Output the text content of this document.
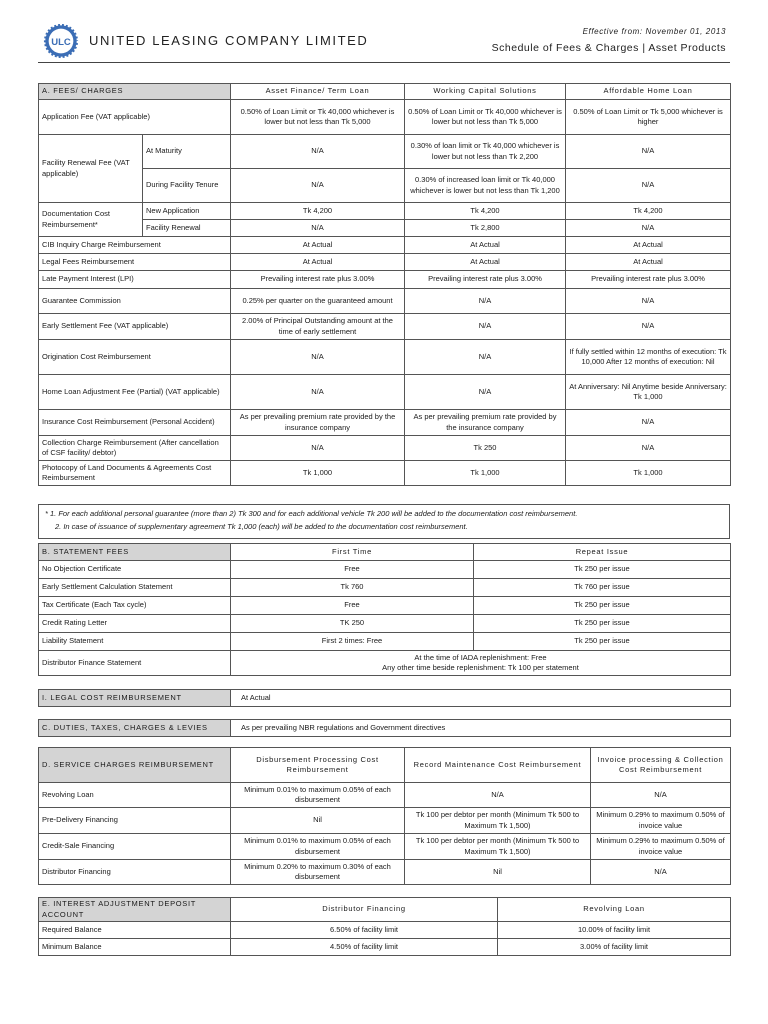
ULC UNITED LEASING COMPANY LIMITED
Effective from: November 01, 2013
Schedule of Fees & Charges | Asset Products
A. FEES/ CHARGES		Asset Finance/ Term Loan	Working Capital Solutions	Affordable Home Loan
Application Fee (VAT applicable)		0.50% of Loan Limit or Tk 40,000 whichever is lower but not less than Tk 5,000	0.50% of Loan Limit or Tk 40,000 whichever is lower but not less than Tk 5,000	0.50% of Loan Limit or Tk 5,000 whichever is higher
Facility Renewal Fee (VAT applicable)	At Maturity	N/A	0.30% of loan limit or Tk 40,000 whichever is lower but not less than Tk 2,200	N/A
	During Facility Tenure	N/A	0.30% of increased loan limit or Tk 40,000 whichever is lower but not less than Tk 1,200	N/A
Documentation Cost Reimbursement*	New Application	Tk 4,200	Tk 4,200	Tk 4,200
	Facility Renewal	N/A	Tk 2,800	N/A
CIB Inquiry Charge Reimbursement		At Actual	At Actual	At Actual
Legal Fees Reimbursement		At Actual	At Actual	At Actual
Late Payment Interest (LPI)		Prevailing interest rate plus 3.00%	Prevailing interest rate plus 3.00%	Prevailing interest rate plus 3.00%
Guarantee Commission		0.25% per quarter on the guaranteed amount	N/A	N/A
Early Settlement Fee (VAT applicable)		2.00% of Principal Outstanding amount at the time of early settlement	N/A	N/A
Origination Cost Reimbursement		N/A	N/A	If fully settled within 12 months of execution: Tk 10,000 After 12 months of execution: Nil
Home Loan Adjustment Fee (Partial) (VAT applicable)		N/A	N/A	At Anniversary: Nil Anytime beside Anniversary: Tk 1,000
Insurance Cost Reimbursement (Personal Accident)		As per prevailing premium rate provided by the insurance company	As per prevailing premium rate provided by the insurance company	N/A
Collection Charge Reimbursement (After cancellation of CSF facility/ debtor)		N/A	Tk 250	N/A
Photocopy of Land Documents & Agreements Cost Reimbursement		Tk 1,000	Tk 1,000	Tk 1,000
* 1. For each additional personal guarantee (more than 2) Tk 300 and for each additional vehicle Tk 200 will be added to the documentation cost reimbursement.
2. In case of issuance of supplementary agreement Tk 1,000 (each) will be added to the documentation cost reimbursement.
B. STATEMENT FEES	First Time	Repeat Issue
No Objection Certificate	Free	Tk 250 per issue
Early Settlement Calculation Statement	Tk 760	Tk 760 per issue
Tax Certificate (Each Tax cycle)	Free	Tk 250 per issue
Credit Rating Letter	TK 250	Tk 250 per issue
Liability Statement	First 2 times: Free	Tk 250 per issue
Distributor Finance Statement	At the time of IADA replenishment: Free
Any other time beside replenishment: Tk 100 per statement	
I. LEGAL COST REIMBURSEMENT	At Actual
C. DUTIES, TAXES, CHARGES & LEVIES	As per prevailing NBR regulations and Government directives
D. SERVICE CHARGES REIMBURSEMENT	Disbursement Processing Cost Reimbursement	Record Maintenance Cost Reimbursement	Invoice processing & Collection Cost Reimbursement
Revolving Loan	Minimum 0.01% to maximum 0.05% of each disbursement	N/A	N/A
Pre-Delivery Financing	Nil	Tk 100 per debtor per month (Minimum Tk 500 to Maximum Tk 1,500)	Minimum 0.29% to maximum 0.50% of invoice value
Credit-Sale Financing	Minimum 0.01% to maximum 0.05% of each disbursement	Tk 100 per debtor per month (Minimum Tk 500 to Maximum Tk 1,500)	Minimum 0.29% to maximum 0.50% of invoice value
Distributor Financing	Minimum 0.20% to maximum 0.30% of each disbursement	Nil	N/A
E. INTEREST ADJUSTMENT DEPOSIT ACCOUNT	Distributor Financing	Revolving Loan
Required Balance	6.50% of facility limit	10.00% of facility limit
Minimum Balance	4.50% of facility limit	3.00% of facility limit
